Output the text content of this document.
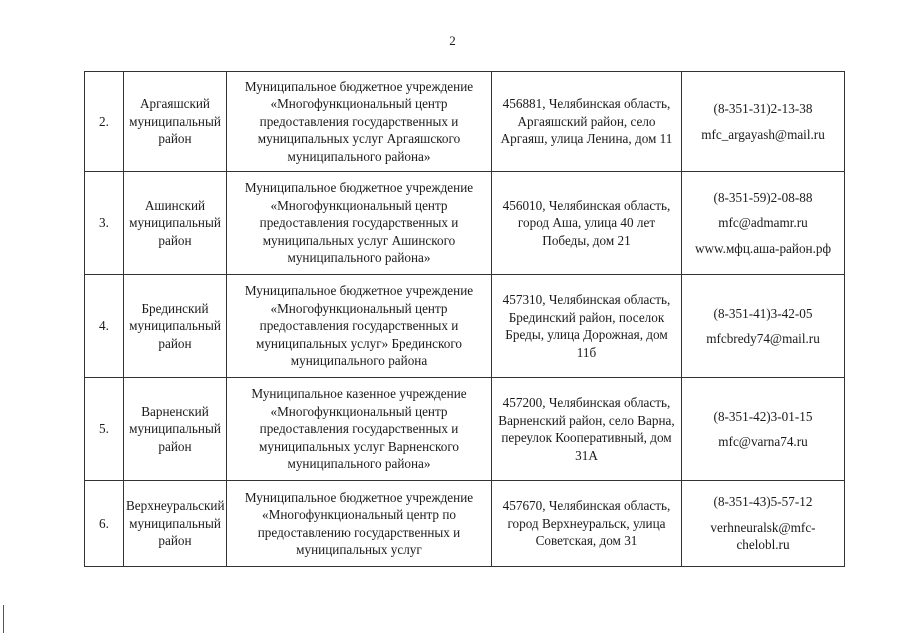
2
2.	Аргаяшский муниципальный район	Муниципальное бюджетное учреждение «Многофункциональный центр предоставления государственных и муниципальных услуг Аргаяшского муниципального района»	456881, Челябинская область, Аргаяшский район, село Аргаяш, улица Ленина, дом 11	(8-351-31)2-13-38
mfc_argayash@mail.ru

3.	Ашинский муниципальный район	Муниципальное бюджетное учреждение «Многофункциональный центр предоставления государственных и муниципальных услуг Ашинского муниципального района»	456010, Челябинская область, город Аша, улица 40 лет Победы, дом 21	(8-351-59)2-08-88
mfc@admamr.ru
www.мфц.аша-район.рф

4.	Брединский муниципальный район	Муниципальное бюджетное учреждение «Многофункциональный центр предоставления государственных и муниципальных услуг» Брединского муниципального района	457310, Челябинская область, Брединский район, поселок Бреды, улица Дорожная, дом 11б	(8-351-41)3-42-05
mfcbredy74@mail.ru

5.	Варненский муниципальный район	Муниципальное казенное учреждение «Многофункциональный центр предоставления государственных и муниципальных услуг Варненского муниципального района»	457200, Челябинская область, Варненский район, село Варна, переулок Кооперативный, дом 31А	(8-351-42)3-01-15
mfc@varna74.ru

6.	Верхнеуральский муниципальный район	Муниципальное бюджетное учреждение «Многофункциональный центр по предоставлению государственных и муниципальных услуг	457670, Челябинская область, город Верхнеуральск, улица Советская, дом 31	(8-351-43)5-57-12
verhneuralsk@mfc-chelobl.ru
